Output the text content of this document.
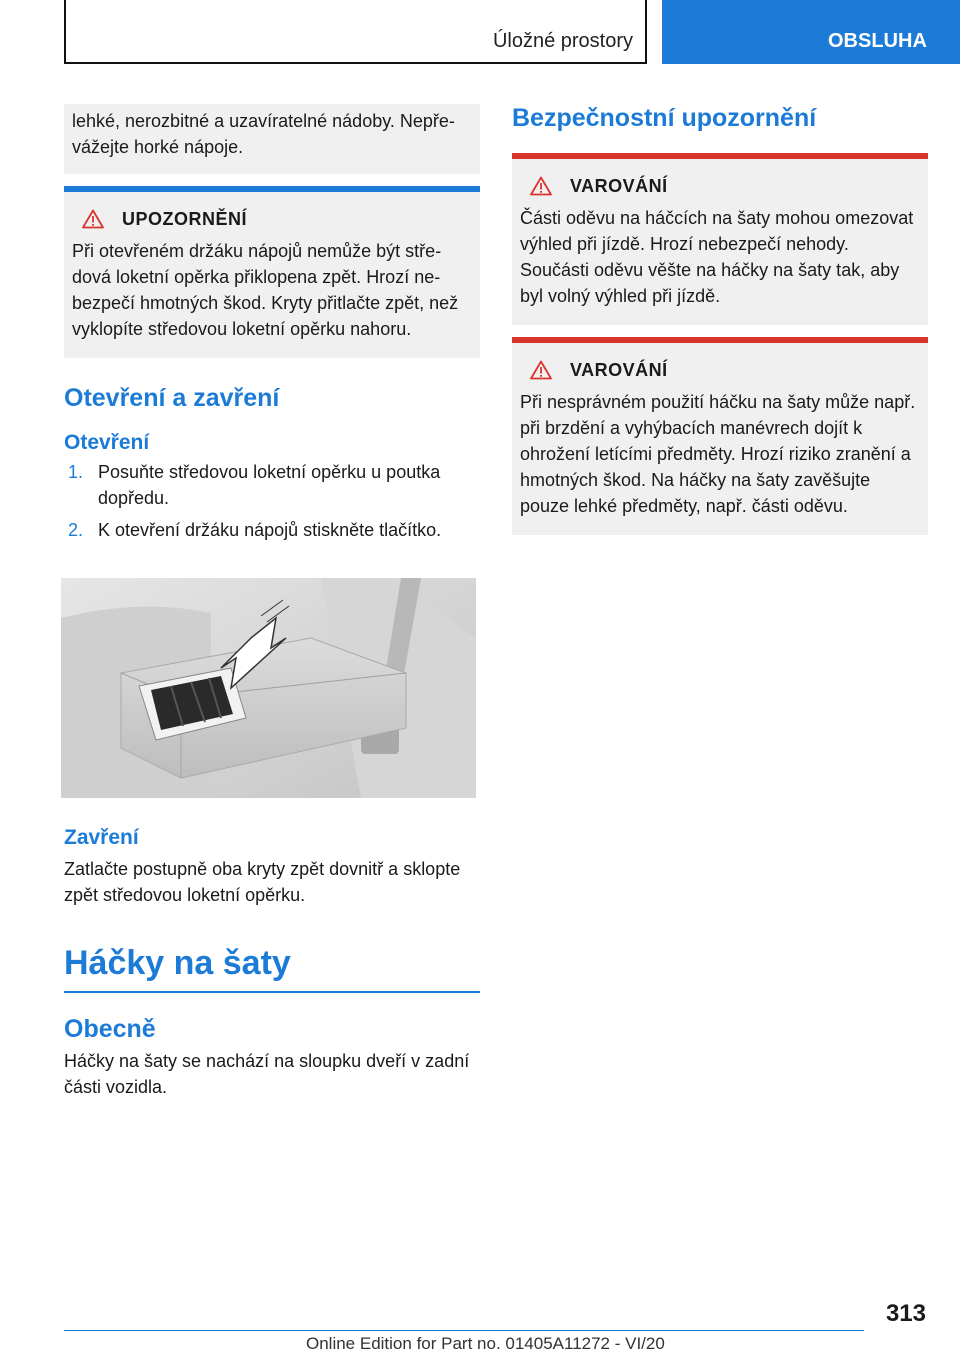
Úložné prostory	OBSLUHA
lehké, nerozbitné a uzavíratelné nádoby. Nepřevážejte horké nápoje.
UPOZORNĚNÍ
Při otevřeném držáku nápojů nemůže být středová loketní opěrka přiklopena zpět. Hrozí nebezpečí hmotných škod. Kryty přitlačte zpět, než vyklopíte středovou loketní opěrku nahoru.
Otevření a zavření
Otevření
1. Posuňte středovou loketní opěrku u poutka dopředu.
2. K otevření držáku nápojů stiskněte tlačítko.
Zavření
Zatlačte postupně oba kryty zpět dovnitř a sklopte zpět středovou loketní opěrku.
Háčky na šaty
Obecně
Háčky na šaty se nachází na sloupku dveří v zadní části vozidla.
Bezpečnostní upozornění
VAROVÁNÍ
Části oděvu na háčcích na šaty mohou omezovat výhled při jízdě. Hrozí nebezpečí nehody. Součásti oděvu věšte na háčky na šaty tak, aby byl volný výhled při jízdě.
VAROVÁNÍ
Při nesprávném použití háčku na šaty může např. při brzdění a vyhýbacích manévrech dojít k ohrožení letícími předměty. Hrozí riziko zranění a hmotných škod. Na háčky na šaty zavěšujte pouze lehké předměty, např. části oděvu.
313
Online Edition for Part no. 01405A11272 - VI/20
